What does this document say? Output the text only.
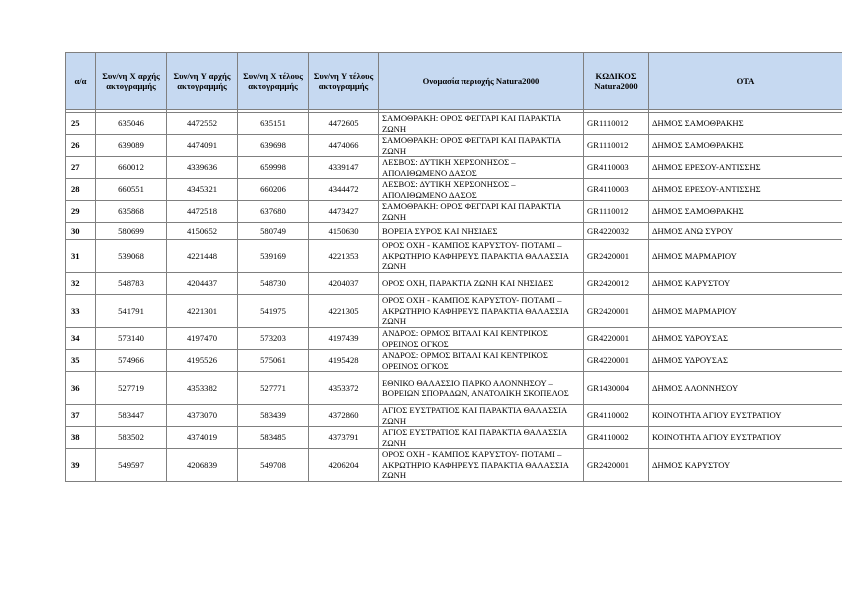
α/α	Συν/νη X αρχής ακτογραμμής	Συν/νη Y αρχής ακτογραμμής	Συν/νη X τέλους ακτογραμμής	Συν/νη Y τέλους ακτογραμμής	Ονομασία περιοχής Natura2000	ΚΩΔΙΚΟΣ Natura2000	ΟΤΑ

25	635046	4472552	635151	4472605	ΣΑΜΟΘΡΑΚΗ: ΟΡΟΣ ΦΕΓΓΑΡΙ ΚΑΙ ΠΑΡΑΚΤΙΑ ΖΩΝΗ	GR1110012	ΔΗΜΟΣ ΣΑΜΟΘΡΑΚΗΣ
26	639089	4474091	639698	4474066	ΣΑΜΟΘΡΑΚΗ: ΟΡΟΣ ΦΕΓΓΑΡΙ ΚΑΙ ΠΑΡΑΚΤΙΑ ΖΩΝΗ	GR1110012	ΔΗΜΟΣ ΣΑΜΟΘΡΑΚΗΣ
27	660012	4339636	659998	4339147	ΛΕΣΒΟΣ: ΔΥΤΙΚΗ ΧΕΡΣΟΝΗΣΟΣ – ΑΠΟΛΙΘΩΜΕΝΟ ΔΑΣΟΣ	GR4110003	ΔΗΜΟΣ ΕΡΕΣΟΥ-ΑΝΤΙΣΣΗΣ
28	660551	4345321	660206	4344472	ΛΕΣΒΟΣ: ΔΥΤΙΚΗ ΧΕΡΣΟΝΗΣΟΣ – ΑΠΟΛΙΘΩΜΕΝΟ ΔΑΣΟΣ	GR4110003	ΔΗΜΟΣ ΕΡΕΣΟΥ-ΑΝΤΙΣΣΗΣ
29	635868	4472518	637680	4473427	ΣΑΜΟΘΡΑΚΗ: ΟΡΟΣ ΦΕΓΓΑΡΙ ΚΑΙ ΠΑΡΑΚΤΙΑ ΖΩΝΗ	GR1110012	ΔΗΜΟΣ ΣΑΜΟΘΡΑΚΗΣ
30	580699	4150652	580749	4150630	ΒΟΡΕΙΑ ΣΥΡΟΣ ΚΑΙ ΝΗΣΙΔΕΣ	GR4220032	ΔΗΜΟΣ ΑΝΩ ΣΥΡΟΥ
31	539068	4221448	539169	4221353	ΟΡΟΣ ΟΧΗ - ΚΑΜΠΟΣ ΚΑΡΥΣΤΟΥ- ΠΟΤΑΜΙ – ΑΚΡΩΤΗΡΙΟ ΚΑΦΗΡΕΥΣ ΠΑΡΑΚΤΙΑ ΘΑΛΑΣΣΙΑ ΖΩΝΗ	GR2420001	ΔΗΜΟΣ ΜΑΡΜΑΡΙΟΥ
32	548783	4204437	548730	4204037	ΟΡΟΣ ΟΧΗ, ΠΑΡΑΚΤΙΑ ΖΩΝΗ ΚΑΙ ΝΗΣΙΔΕΣ	GR2420012	ΔΗΜΟΣ ΚΑΡΥΣΤΟΥ
33	541791	4221301	541975	4221305	ΟΡΟΣ ΟΧΗ - ΚΑΜΠΟΣ ΚΑΡΥΣΤΟΥ- ΠΟΤΑΜΙ – ΑΚΡΩΤΗΡΙΟ ΚΑΦΗΡΕΥΣ ΠΑΡΑΚΤΙΑ ΘΑΛΑΣΣΙΑ ΖΩΝΗ	GR2420001	ΔΗΜΟΣ ΜΑΡΜΑΡΙΟΥ
34	573140	4197470	573203	4197439	ΑΝΔΡΟΣ: ΟΡΜΟΣ ΒΙΤΑΛΙ ΚΑΙ ΚΕΝΤΡΙΚΟΣ ΟΡΕΙΝΟΣ ΟΓΚΟΣ	GR4220001	ΔΗΜΟΣ ΥΔΡΟΥΣΑΣ
35	574966	4195526	575061	4195428	ΑΝΔΡΟΣ: ΟΡΜΟΣ ΒΙΤΑΛΙ ΚΑΙ ΚΕΝΤΡΙΚΟΣ ΟΡΕΙΝΟΣ ΟΓΚΟΣ	GR4220001	ΔΗΜΟΣ ΥΔΡΟΥΣΑΣ
36	527719	4353382	527771	4353372	ΕΘΝΙΚΟ ΘΑΛΑΣΣΙΟ ΠΑΡΚΟ ΑΛΟΝΝΗΣΟΥ – ΒΟΡΕΙΩΝ ΣΠΟΡΑΔΩΝ, ΑΝΑΤΟΛΙΚΗ ΣΚΟΠΕΛΟΣ	GR1430004	ΔΗΜΟΣ ΑΛΟΝΝΗΣΟΥ
37	583447	4373070	583439	4372860	ΑΓΙΟΣ ΕΥΣΤΡΑΤΙΟΣ ΚΑΙ ΠΑΡΑΚΤΙΑ ΘΑΛΑΣΣΙΑ ΖΩΝΗ	GR4110002	ΚΟΙΝΟΤΗΤΑ ΑΓΙΟΥ ΕΥΣΤΡΑΤΙΟΥ
38	583502	4374019	583485	4373791	ΑΓΙΟΣ ΕΥΣΤΡΑΤΙΟΣ ΚΑΙ ΠΑΡΑΚΤΙΑ ΘΑΛΑΣΣΙΑ ΖΩΝΗ	GR4110002	ΚΟΙΝΟΤΗΤΑ ΑΓΙΟΥ ΕΥΣΤΡΑΤΙΟΥ
39	549597	4206839	549708	4206204	ΟΡΟΣ ΟΧΗ - ΚΑΜΠΟΣ ΚΑΡΥΣΤΟΥ- ΠΟΤΑΜΙ – ΑΚΡΩΤΗΡΙΟ ΚΑΦΗΡΕΥΣ ΠΑΡΑΚΤΙΑ ΘΑΛΑΣΣΙΑ ΖΩΝΗ	GR2420001	ΔΗΜΟΣ ΚΑΡΥΣΤΟΥ
